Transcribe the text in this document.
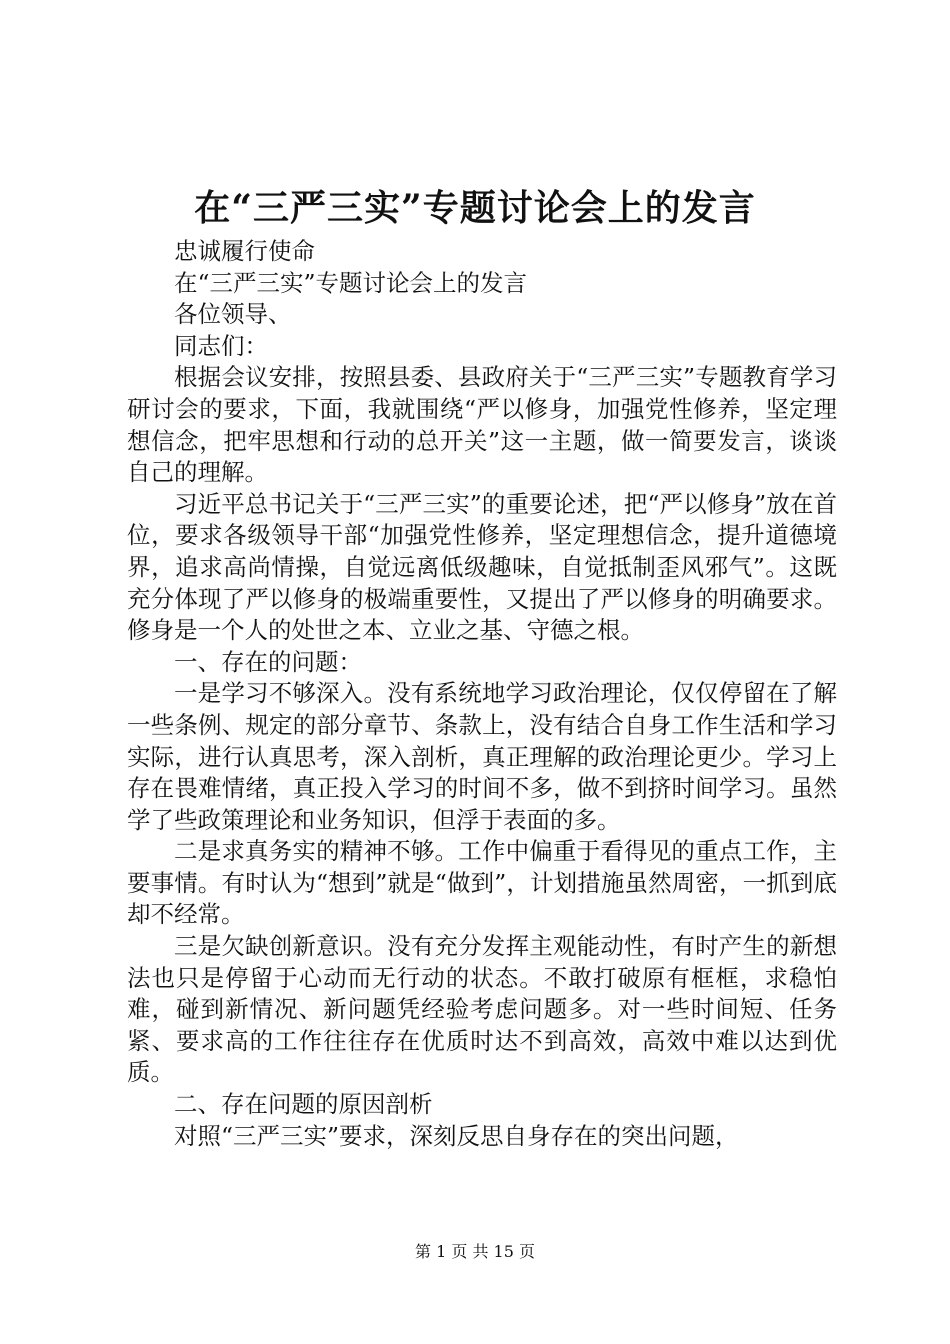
在“三严三实”专题讨论会上的发言

忠诚履行使命

在“三严三实”专题讨论会上的发言

各位领导、

同志们：

根据会议安排，按照县委、县政府关于“三严三实”专题教育学习研讨会的要求，下面，我就围绕“严以修身，加强党性修养，坚定理想信念，把牢思想和行动的总开关”这一主题，做一简要发言，谈谈自己的理解。

习近平总书记关于“三严三实”的重要论述，把“严以修身”放在首位，要求各级领导干部“加强党性修养，坚定理想信念，提升道德境界，追求高尚情操，自觉远离低级趣味，自觉抵制歪风邪气”。这既充分体现了严以修身的极端重要性，又提出了严以修身的明确要求。修身是一个人的处世之本、立业之基、守德之根。

一、存在的问题：

一是学习不够深入。没有系统地学习政治理论，仅仅停留在了解一些条例、规定的部分章节、条款上，没有结合自身工作生活和学习实际，进行认真思考，深入剖析，真正理解的政治理论更少。学习上存在畏难情绪，真正投入学习的时间不多，做不到挤时间学习。虽然学了些政策理论和业务知识，但浮于表面的多。

二是求真务实的精神不够。工作中偏重于看得见的重点工作，主要事情。有时认为“想到”就是“做到”，计划措施虽然周密，一抓到底却不经常。

三是欠缺创新意识。没有充分发挥主观能动性，有时产生的新想法也只是停留于心动而无行动的状态。不敢打破原有框框，求稳怕难，碰到新情况、新问题凭经验考虑问题多。对一些时间短、任务紧、要求高的工作往往存在优质时达不到高效，高效中难以达到优质。

二、存在问题的原因剖析

对照“三严三实”要求，深刻反思自身存在的突出问题，

第 1 页 共 15 页
